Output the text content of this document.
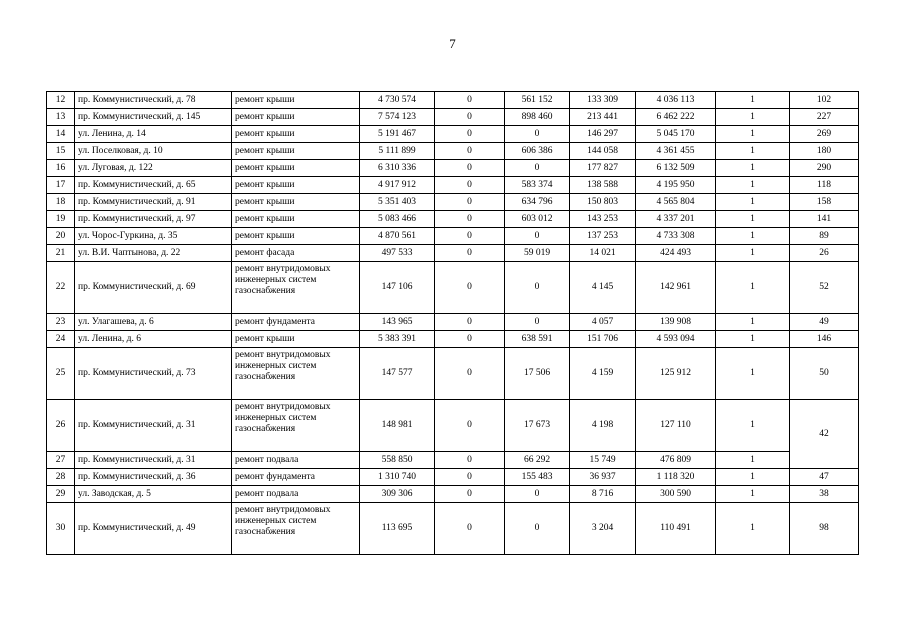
7
12	пр. Коммунистический, д. 78	ремонт крыши	4 730 574	0	561 152	133 309	4 036 113	1	102
13	пр. Коммунистический, д. 145	ремонт крыши	7 574 123	0	898 460	213 441	6 462 222	1	227
14	ул. Ленина, д. 14	ремонт крыши	5 191 467	0	0	146 297	5 045 170	1	269
15	ул. Поселковая, д. 10	ремонт крыши	5 111 899	0	606 386	144 058	4 361 455	1	180
16	ул. Луговая, д. 122	ремонт крыши	6 310 336	0	0	177 827	6 132 509	1	290
17	пр. Коммунистический, д. 65	ремонт крыши	4 917 912	0	583 374	138 588	4 195 950	1	118
18	пр. Коммунистический, д. 91	ремонт крыши	5 351 403	0	634 796	150 803	4 565 804	1	158
19	пр. Коммунистический, д. 97	ремонт крыши	5 083 466	0	603 012	143 253	4 337 201	1	141
20	ул. Чорос-Гуркина, д. 35	ремонт крыши	4 870 561	0	0	137 253	4 733 308	1	89
21	ул. В.И. Чаптынова, д. 22	ремонт фасада	497 533	0	59 019	14 021	424 493	1	26
22	пр. Коммунистический, д. 69	ремонт внутридомовых инженерных систем газоснабжения	147 106	0	0	4 145	142 961	1	52
23	ул. Улагашева, д. 6	ремонт фундамента	143 965	0	0	4 057	139 908	1	49
24	ул. Ленина, д. 6	ремонт крыши	5 383 391	0	638 591	151 706	4 593 094	1	146
25	пр. Коммунистический, д. 73	ремонт внутридомовых инженерных систем газоснабжения	147 577	0	17 506	4 159	125 912	1	50
26	пр. Коммунистический, д. 31	ремонт внутридомовых инженерных систем газоснабжения	148 981	0	17 673	4 198	127 110	1	42
27	пр. Коммунистический, д. 31	ремонт подвала	558 850	0	66 292	15 749	476 809	1	
28	пр. Коммунистический, д. 36	ремонт фундамента	1 310 740	0	155 483	36 937	1 118 320	1	47
29	ул. Заводская, д. 5	ремонт подвала	309 306	0	0	8 716	300 590	1	38
30	пр. Коммунистический, д. 49	ремонт внутридомовых инженерных систем газоснабжения	113 695	0	0	3 204	110 491	1	98
